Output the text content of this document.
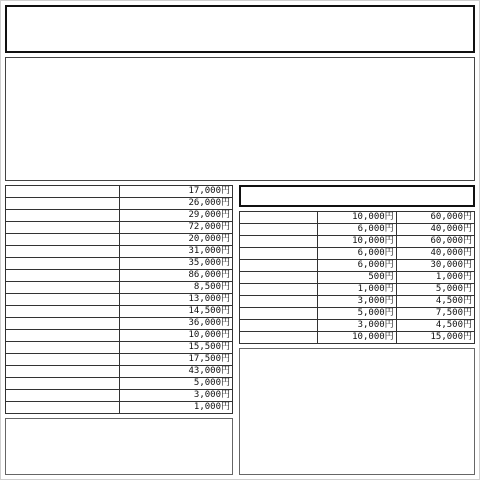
	17,000円
	26,000円
	29,000円
	72,000円
	20,000円
	31,000円
	35,000円
	86,000円
	8,500円
	13,000円
	14,500円
	36,000円
	10,000円
	15,500円
	17,500円
	43,000円
	5,000円
	3,000円
	1,000円
	10,000円	60,000円
	6,000円	40,000円
	10,000円	60,000円
	6,000円	40,000円
	6,000円	30,000円
	500円	1,000円
	1,000円	5,000円
	3,000円	4,500円
	5,000円	7,500円
	3,000円	4,500円
	10,000円	15,000円
